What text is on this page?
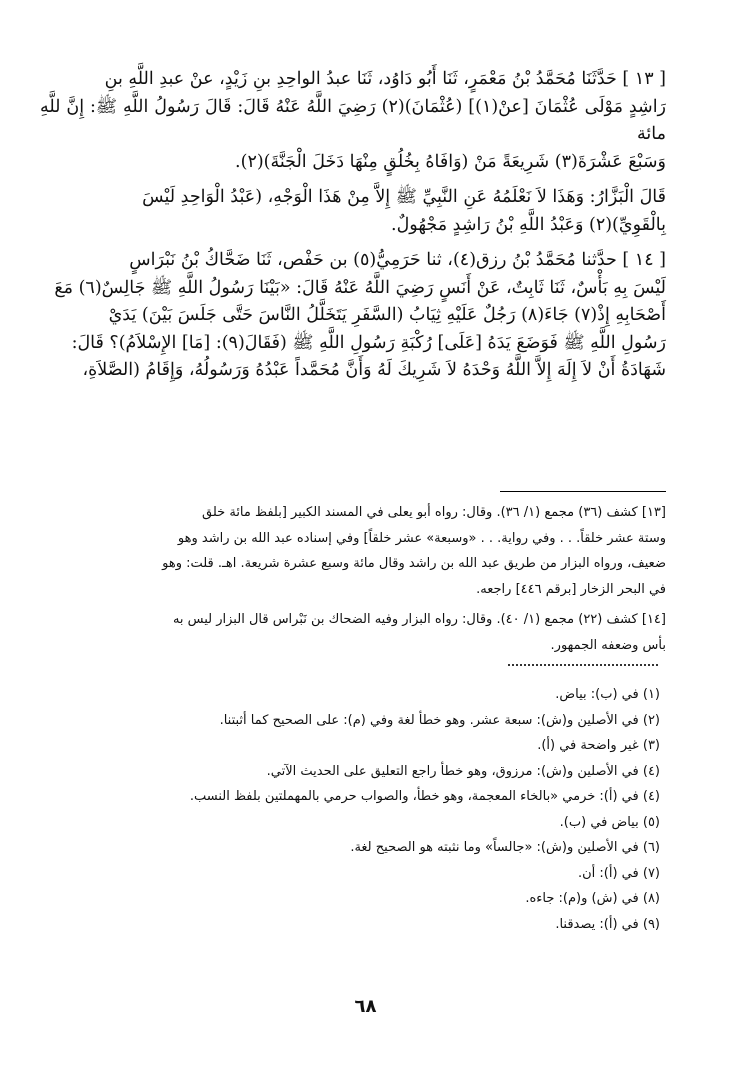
[ ١٣ ] حَدَّثَنَا مُحَمَّدُ بْنُ مَعْمَرٍ، ثَنَا أَبُو دَاوُد، ثَنَا عبدُ الواحِدِ بنِ زَيْدٍ، عنْ عبدِ اللَّهِ بنِ

رَاشِدٍ مَوْلَى عُثْمَانَ [عنْ(١)] (عُثْمَانَ)(٢) رَضِيَ اللَّهُ عَنْهُ قَالَ: قَالَ رَسُولُ اللَّهِ ﷺ: إِنَّ للَّهِ مائة

وَسَبْعَ عَشْرَةَ(٣) شَرِيعَةً مَنْ (وَافَاهُ بِخُلُقٍ مِنْهَا دَخَلَ الْجَنَّةَ)(٢).

قَالَ الْبَزَّارُ: وَهَذَا لاَ نَعْلَمُهُ عَنِ النَّبِيِّ ﷺ إِلاَّ مِنْ هَذَا الْوَجْهِ، (عَبْدُ الْوَاحِدِ لَيْسَ

بِالْقَوِيِّ)(٢) وَعَبْدُ اللَّهِ بْنُ رَاشِدٍ مَجْهُولٌ.

[ ١٤ ] حدَّثنا مُحَمَّدُ بْنُ رزق(٤)، ثنا حَرَمِيُّ(٥) بن حَفْص، ثَنَا ضَحَّاكُ بْنُ نَبْرَاسٍ

لَيْسَ بِهِ بَأْسٌ، ثَنَا ثَابِتٌ، عَنْ أَنَسٍ رَضِيَ اللَّهُ عَنْهُ قَالَ: «بَيْنَا رَسُولُ اللَّهِ ﷺ جَالِسٌ(٦) مَعَ

أَصْحَابِهِ إِذْ(٧) جَاءَ(٨) رَجُلٌ عَلَيْهِ ثِيَابُ (السَّفَرِ يَتَخَلَّلُ النَّاسَ حَتَّى جَلَسَ بَيْنَ) يَدَيْ

رَسُولِ اللَّهِ ﷺ فَوَضَعَ يَدَهُ [عَلَى] رُكْبَةِ رَسُولِ اللَّهِ ﷺ (فَقَالَ(٩): [مَا] الإِسْلاَمُ)؟ قَالَ:

شَهَادَةُ أَنْ لاَ إِلَهَ إِلاَّ اللَّهُ وَحْدَهُ لاَ شَرِيكَ لَهُ وَأَنَّ مُحَمَّداً عَبْدُهُ وَرَسُولُهُ، وَإِقَامُ (الصَّلاَةِ،

[١٣] كشف (٣٦) مجمع (١/ ٣٦). وقال: رواه أبو يعلى في المسند الكبير [بلفظ مائة خلق

وستة عشر خلقاً. . . وفي رواية. . . «وسبعة» عشر خلقاً] وفي إسناده عبد الله بن راشد وهو

ضعيف، ورواه البزار من طريق عبد الله بن راشد وقال مائة وسبع عشرة شريعة. اهـ. قلت: وهو

في البحر الزخار [برقم ٤٤٦] راجعه.

[١٤] كشف (٢٢) مجمع (١/ ٤٠). وقال: رواه البزار وفيه الضحاك بن نَبْراس قال البزار ليس به

بأس وضعفه الجمهور.

(١) في (ب): بياض.

(٢) في الأصلين و(ش): سبعة عشر. وهو خطأ لغة وفي (م): على الصحيح كما أثبتنا.

(٣) غير واضحة في (أ).

(٤) في الأصلين و(ش): مرزوق، وهو خطأ راجع التعليق على الحديث الآتي.

(٤) في (أ): خرمي «بالخاء المعجمة، وهو خطأ، والصواب حرمي بالمهملتين بلفظ النسب.

(٥) بياض في (ب).

(٦) في الأصلين و(ش): «جالساً» وما نثبته هو الصحيح لغة.

(٧) في (أ): أن.

(٨) في (ش) و(م): جاءه.

(٩) في (أ): يصدقنا.

٦٨
